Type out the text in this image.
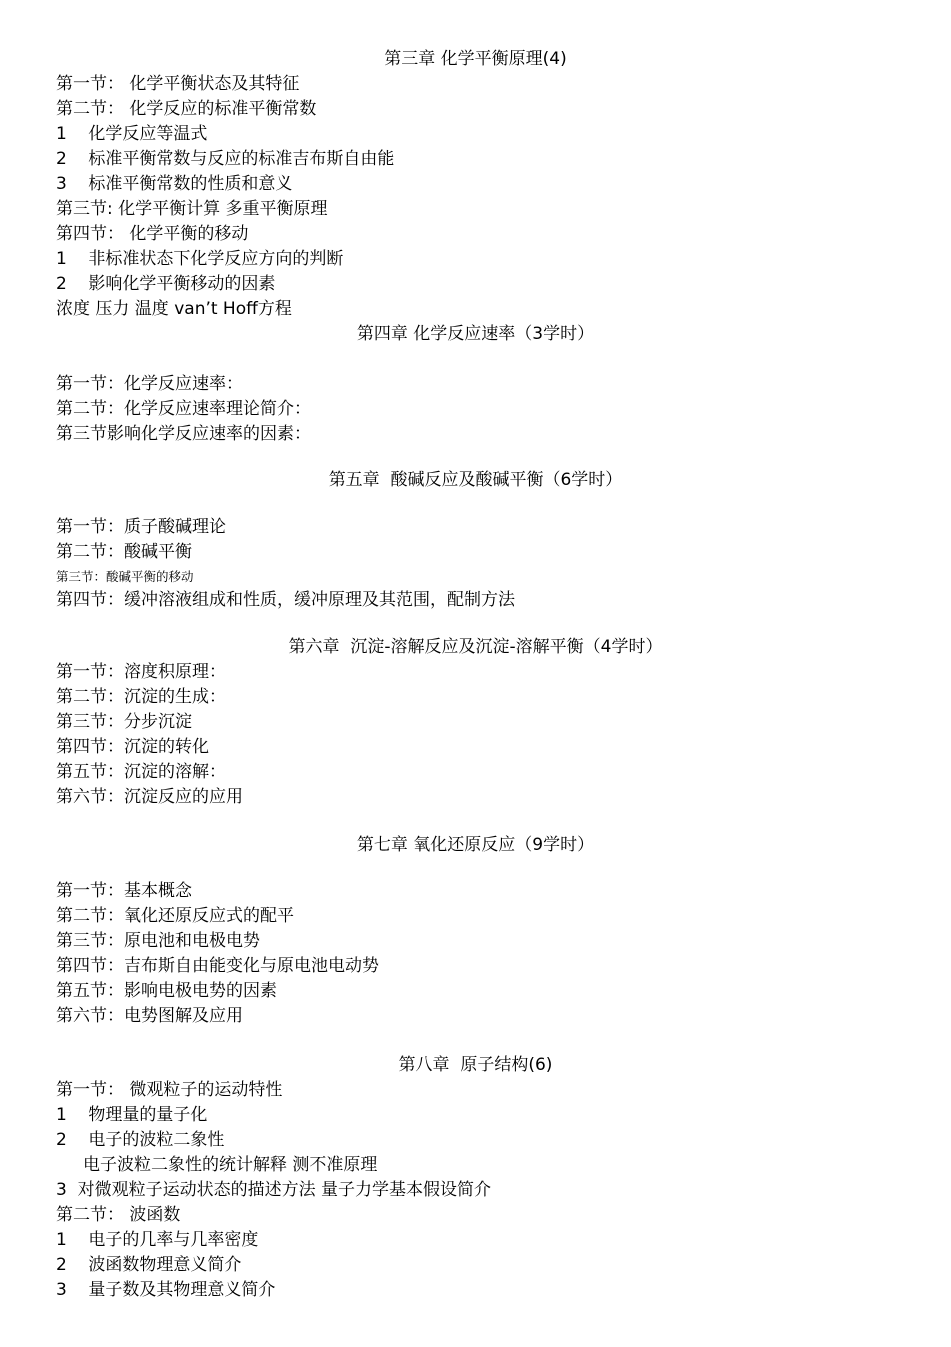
第三章 化学平衡原理(4)
第一节： 化学平衡状态及其特征
第二节： 化学反应的标准平衡常数
1    化学反应等温式
2    标准平衡常数与反应的标准吉布斯自由能
3    标准平衡常数的性质和意义
第三节: 化学平衡计算 多重平衡原理
第四节： 化学平衡的移动
1    非标准状态下化学反应方向的判断
2    影响化学平衡移动的因素
浓度 压力 温度 van’t Hoff方程
第四章 化学反应速率（3学时）
第一节：化学反应速率：
第二节：化学反应速率理论简介：
第三节影响化学反应速率的因素：
第五章  酸碱反应及酸碱平衡（6学时）
第一节：质子酸碱理论
第二节：酸碱平衡
第三节：酸碱平衡的移动
第四节：缓冲溶液组成和性质，缓冲原理及其范围，配制方法
第六章  沉淀-溶解反应及沉淀-溶解平衡（4学时）
第一节：溶度积原理：
第二节：沉淀的生成：
第三节：分步沉淀
第四节：沉淀的转化
第五节：沉淀的溶解：
第六节：沉淀反应的应用
第七章 氧化还原反应（9学时）
第一节：基本概念
第二节：氧化还原反应式的配平
第三节：原电池和电极电势
第四节：吉布斯自由能变化与原电池电动势
第五节：影响电极电势的因素
第六节：电势图解及应用
第八章  原子结构(6)
第一节： 微观粒子的运动特性
1    物理量的量子化
2    电子的波粒二象性
电子波粒二象性的统计解释 测不准原理
3  对微观粒子运动状态的描述方法 量子力学基本假设简介
第二节： 波函数
1    电子的几率与几率密度
2    波函数物理意义简介
3    量子数及其物理意义简介
